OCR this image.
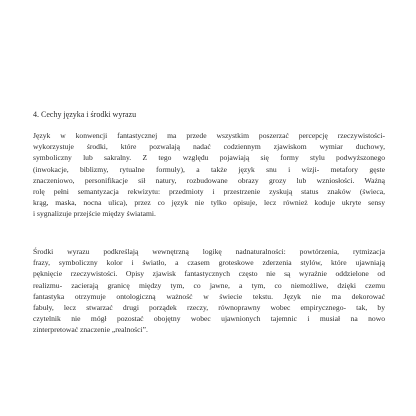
4. Cechy języka i środki wyrazu
Język w konwencji fantastycznej ma przede wszystkim poszerzać percepcję rzeczywistości-
wykorzystuje środki, które pozwalają nadać codziennym zjawiskom wymiar duchowy,
symboliczny lub sakralny. Z tego względu pojawiają się formy stylu podwyższonego
(inwokacje, biblizmy, rytualne formuły), a także język snu i wizji- metafory gęste
znaczeniowo, personifikacje sił natury, rozbudowane obrazy grozy lub wzniosłości. Ważną
rolę pełni semantyzacja rekwizytu: przedmioty i przestrzenie zyskują status znaków (świeca,
krąg, maska, nocna ulica), przez co język nie tylko opisuje, lecz również koduje ukryte sensy
i sygnalizuje przejście między światami.
Środki wyrazu podkreślają wewnętrzną logikę nadnaturalności: powtórzenia, rytmizacja
frazy, symboliczny kolor i światło, a czasem groteskowe zderzenia stylów, które ujawniają
pęknięcie rzeczywistości. Opisy zjawisk fantastycznych często nie są wyraźnie oddzielone od
realizmu- zacierają granicę między tym, co jawne, a tym, co niemożliwe, dzięki czemu
fantastyka otrzymuje ontologiczną ważność w świecie tekstu. Język nie ma dekorować
fabuły, lecz stwarzać drugi porządek rzeczy, równoprawny wobec empirycznego- tak, by
czytelnik nie mógł pozostać obojętny wobec ujawnionych tajemnic i musiał na nowo
zinterpretować znaczenie „realności”.
